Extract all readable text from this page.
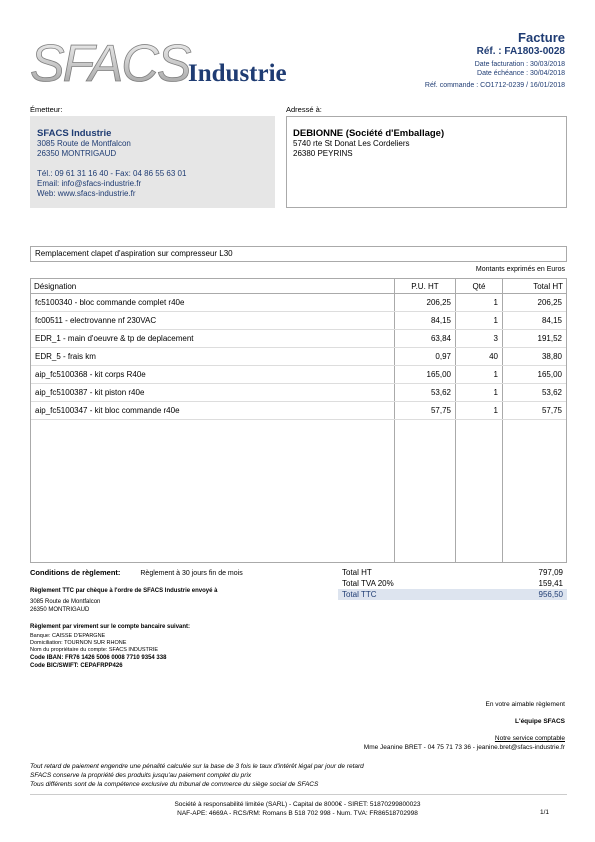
SFACS
Industrie
Facture
Réf. : FA1803-0028
Date facturation : 30/03/2018
Date échéance : 30/04/2018
Réf. commande : CO1712-0239 / 16/01/2018
Émetteur:	Adressé à:
SFACS Industrie
3085 Route de Montfalcon
26350 MONTRIGAUD
Tél.: 09 61 31 16 40 - Fax: 04 86 55 63 01
Email: info@sfacs-industrie.fr
Web: www.sfacs-industrie.fr
DEBIONNE (Société d'Emballage)
5740 rte St Donat Les Cordeliers
26380 PEYRINS
Remplacement clapet d'aspiration sur compresseur L30
Montants exprimés en Euros
Désignation	P.U. HT	Qté	Total HT
fc5100340 - bloc commande complet r40e	206,25	1	206,25
fc00511 - electrovanne nf 230VAC	84,15	1	84,15
EDR_1 - main d'oeuvre & tp de deplacement	63,84	3	191,52
EDR_5 - frais km	0,97	40	38,80
aip_fc5100368 - kit corps R40e	165,00	1	165,00
aip_fc5100387 - kit piston r40e	53,62	1	53,62
aip_fc5100347 - kit bloc commande r40e	57,75	1	57,75

Conditions de règlement:	Règlement à 30 jours fin de mois	Total HT	797,09
Total TVA 20%	159,41
Total TTC	956,50
Règlement TTC par chèque à l'ordre de SFACS Industrie envoyé à
3085 Route de Montfalcon
26350 MONTRIGAUD
Règlement par virement sur le compte bancaire suivant:
Banque: CAISSE D'EPARGNE
Domiciliation: TOURNON SUR RHONE
Nom du propriétaire du compte: SFACS INDUSTRIE
Code IBAN: FR76 1426 5006 0008 7710 9354 338
Code BIC/SWIFT: CEPAFRPP426
En votre aimable règlement
L'équipe SFACS
Notre service comptable
Mme Jeanine BRET - 04 75 71 73 36 - jeanine.bret@sfacs-industrie.fr
Tout retard de paiement engendre une pénalité calculée sur la base de 3 fois le taux d'intérêt légal par jour de retard
SFACS conserve la propriété des produits jusqu'au paiement complet du prix
Tous différents sont de la compétence exclusive du tribunal de commerce du siège social de SFACS
Société à responsabilité limitée (SARL) - Capital de 8000€ - SIRET: 51870299800023
NAF-APE: 4669A - RCS/RM: Romans B 518 702 998 - Num. TVA: FR86518702998	1/1
